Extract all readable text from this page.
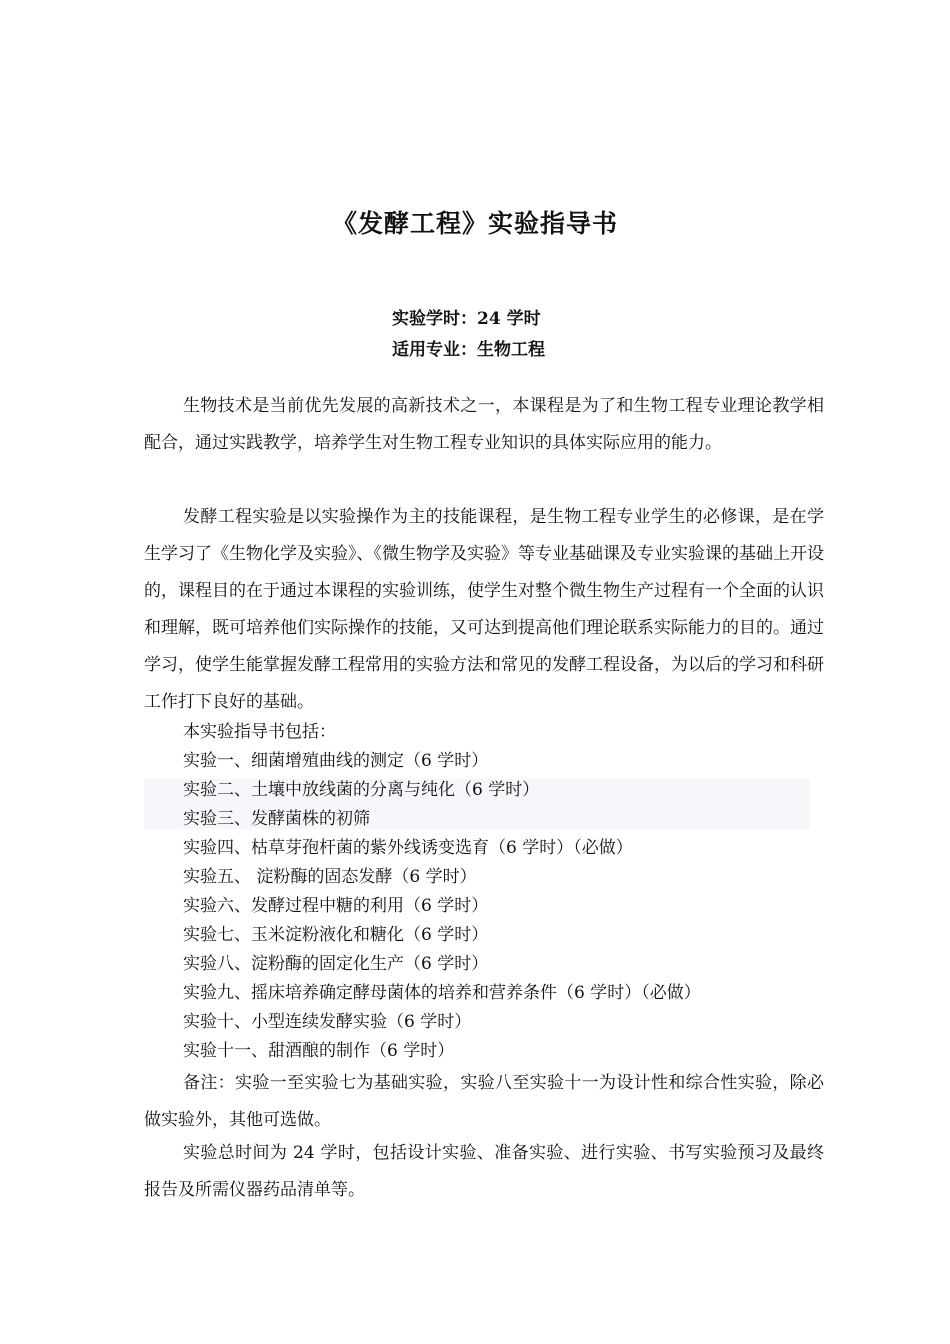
《发酵工程》实验指导书
实验学时：24 学时
适用专业：生物工程

生物技术是当前优先发展的高新技术之一，本课程是为了和生物工程专业理论教学相配合，通过实践教学，培养学生对生物工程专业知识的具体实际应用的能力。

发酵工程实验是以实验操作为主的技能课程，是生物工程专业学生的必修课，是在学生学习了《生物化学及实验》、《微生物学及实验》等专业基础课及专业实验课的基础上开设的，课程目的在于通过本课程的实验训练，使学生对整个微生物生产过程有一个全面的认识和理解，既可培养他们实际操作的技能，又可达到提高他们理论联系实际能力的目的。通过学习，使学生能掌握发酵工程常用的实验方法和常见的发酵工程设备，为以后的学习和科研工作打下良好的基础。

本实验指导书包括：
实验一、细菌增殖曲线的测定（6 学时）
实验二、土壤中放线菌的分离与纯化（6 学时）
实验三、发酵菌株的初筛
实验四、枯草芽孢杆菌的紫外线诱变选育（6 学时）（必做）
实验五、 淀粉酶的固态发酵（6 学时）
实验六、发酵过程中糖的利用（6 学时）
实验七、玉米淀粉液化和糖化（6 学时）
实验八、淀粉酶的固定化生产（6 学时）
实验九、摇床培养确定酵母菌体的培养和营养条件（6 学时）（必做）
实验十、小型连续发酵实验（6 学时）
实验十一、甜酒酿的制作（6 学时）

备注：实验一至实验七为基础实验，实验八至实验十一为设计性和综合性实验，除必做实验外，其他可选做。

实验总时间为 24 学时，包括设计实验、准备实验、进行实验、书写实验预习及最终报告及所需仪器药品清单等。
